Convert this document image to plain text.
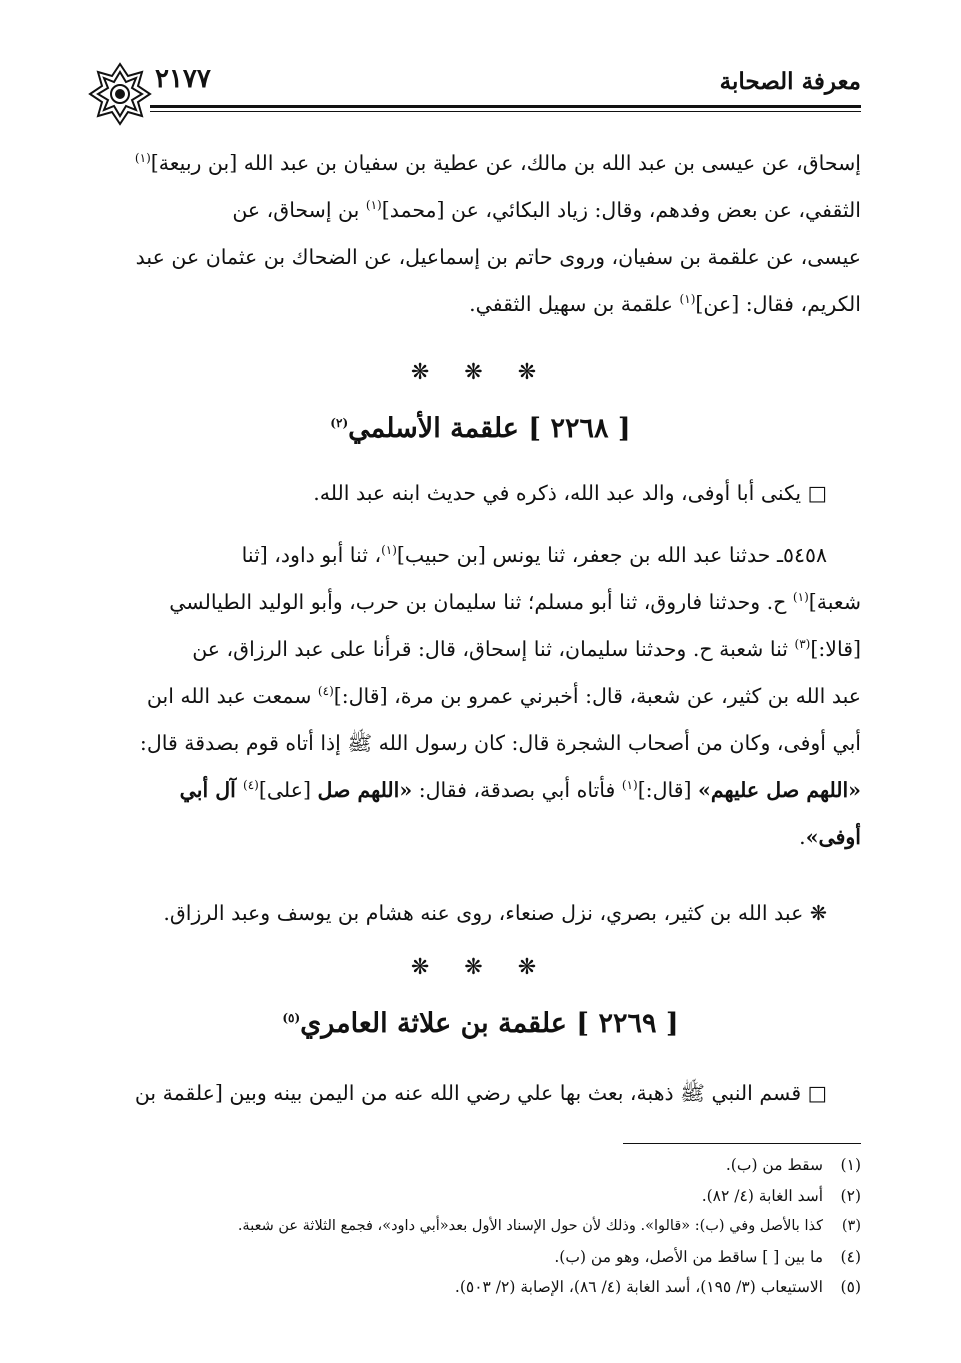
معرفة الصحابة
٢١٧٧

إسحاق، عن عيسى بن عبد الله بن مالك، عن عطية بن سفيان بن عبد الله [بن ربيعة]$^{(١)}$

الثقفي، عن بعض وفدهم، وقال: زياد البكائي، عن [محمد]$^{(١)}$ بن إسحاق، عن

عيسى، عن علقمة بن سفيان، وروى حاتم بن إسماعيل، عن الضحاك بن عثمان عن عبد

الكريم، فقال: [عن]$^{(١)}$ علقمة بن سهيل الثقفي.

❋ ❋ ❋
[ ٢٢٦٨ ] علقمة الأسلمي$^{(٢)}$

□ يكنى أبا أوفى، والد عبد الله، ذكره في حديث ابنه عبد الله.

٥٤٥٨ـ حدثنا عبد الله بن جعفر، ثنا يونس [بن حبيب]$^{(١)}$، ثنا أبو داود، [ثنا

شعبة]$^{(١)}$ ح. وحدثنا فاروق، ثنا أبو مسلم؛ ثنا سليمان بن حرب، وأبو الوليد الطيالسي

[قالا:]$^{(٣)}$ ثنا شعبة ح. وحدثنا سليمان، ثنا إسحاق، قال: قرأنا على عبد الرزاق، عن

عبد الله بن كثير، عن شعبة، قال: أخبرني عمرو بن مرة، [قال:]$^{(٤)}$ سمعت عبد الله ابن

أبي أوفى، وكان من أصحاب الشجرة قال: كان رسول الله ﷺ إذا أتاه قوم بصدقة قال:

«اللهم صل عليهم» [قال:]$^{(١)}$ فأتاه أبي بصدقة، فقال: «اللهم صل [على]$^{(٤)}$ آل أبي

أوفى».

❋ عبد الله بن كثير، بصري، نزل صنعاء، روى عنه هشام بن يوسف وعبد الرزاق.

❋ ❋ ❋
[ ٢٢٦٩ ] علقمة بن علاثة العامري$^{(٥)}$

□ قسم النبي ﷺ ذهبة، بعث بها علي رضي الله عنه من اليمن بينه وبين [علقمة بن

(١)سقط من (ب).
(٢)أسد الغابة (٤/ ٨٢).
(٣)كذا بالأصل وفي (ب): «قالوا». وذلك لأن حول الإسناد الأول بعد«أبي داود»، فجمع الثلاثة عن شعبة.
(٤)ما بين [ ] ساقط من الأصل، وهو من (ب).
(٥)الاستيعاب (٣/ ١٩٥)، أسد الغابة (٤/ ٨٦)، الإصابة (٢/ ٥٠٣).
